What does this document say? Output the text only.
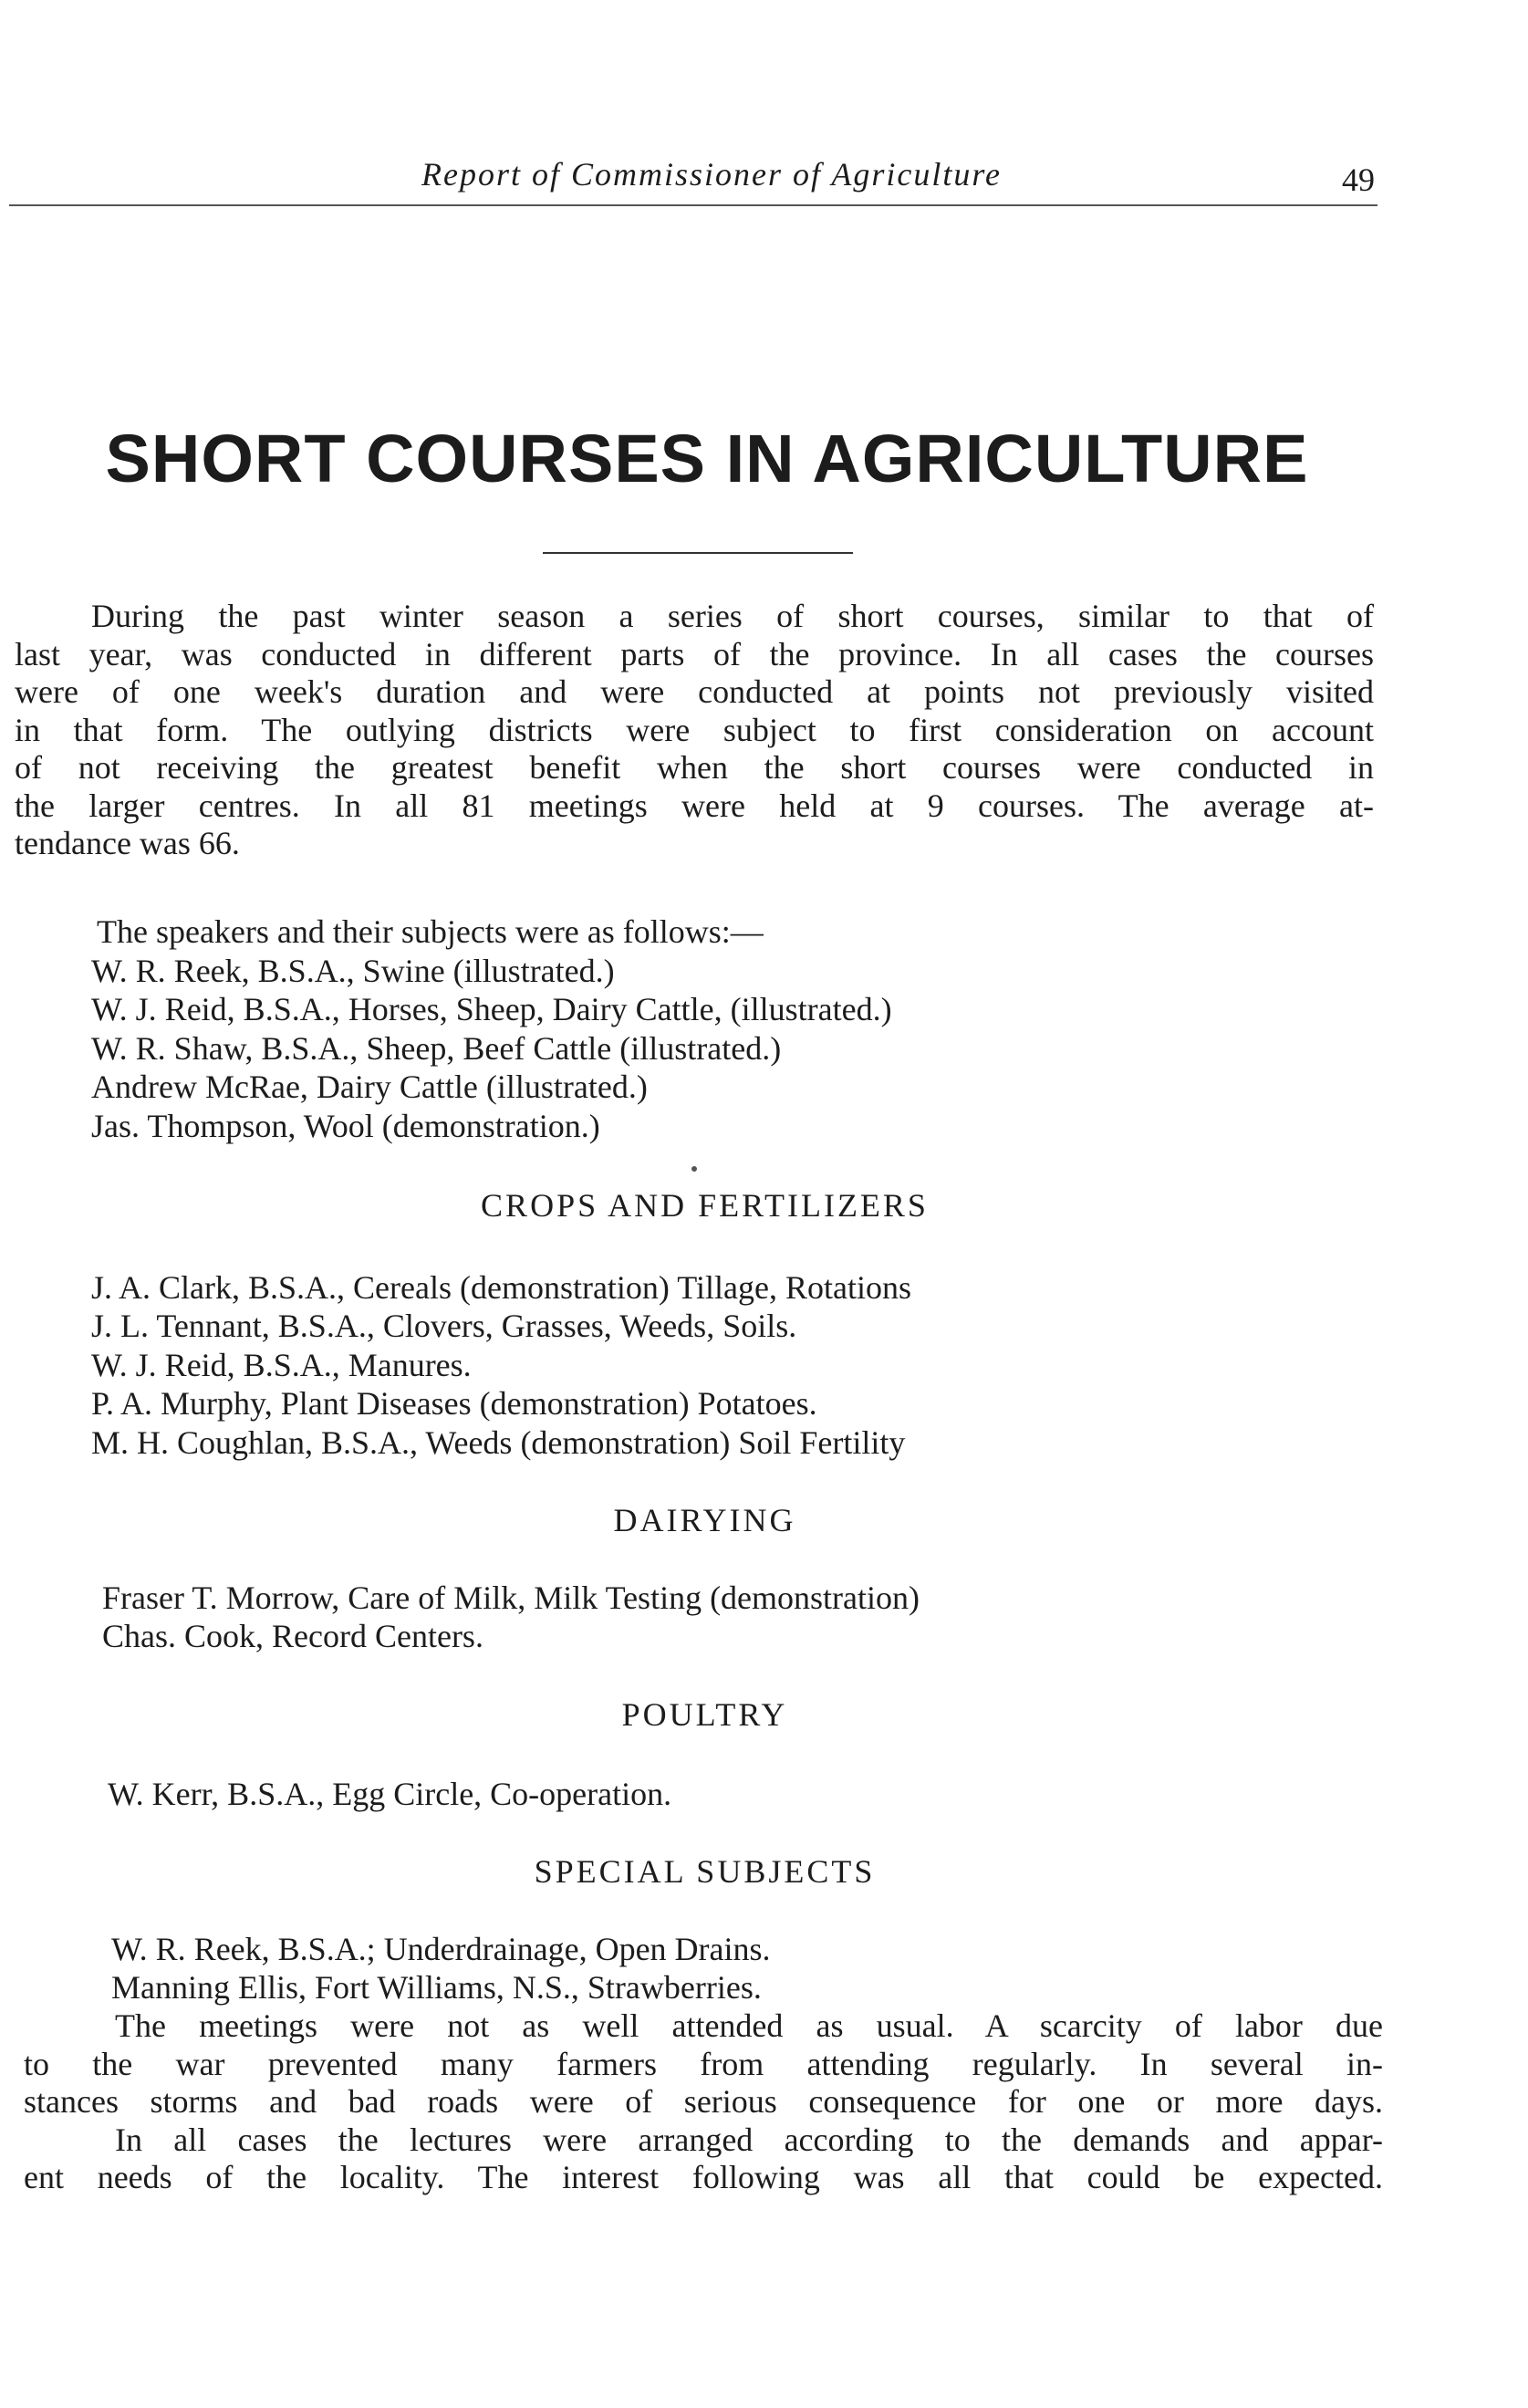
Report of Commissioner of Agriculture	49
SHORT COURSES IN AGRICULTURE
During the past winter season a series of short courses, similar to that of
last year, was conducted in different parts of the province. In all cases the courses
were of one week's duration and were conducted at points not previously visited
in that form. The outlying districts were subject to first consideration on account
of not receiving the greatest benefit when the short courses were conducted in
the larger centres. In all 81 meetings were held at 9 courses. The average at-
tendance was 66.
The speakers and their subjects were as follows:—
W. R. Reek, B.S.A., Swine (illustrated.)
W. J. Reid, B.S.A., Horses, Sheep, Dairy Cattle, (illustrated.)
W. R. Shaw, B.S.A., Sheep, Beef Cattle (illustrated.)
Andrew McRae, Dairy Cattle (illustrated.)
Jas. Thompson, Wool (demonstration.)
CROPS AND FERTILIZERS
J. A. Clark, B.S.A., Cereals (demonstration) Tillage, Rotations
J. L. Tennant, B.S.A., Clovers, Grasses, Weeds, Soils.
W. J. Reid, B.S.A., Manures.
P. A. Murphy, Plant Diseases (demonstration) Potatoes.
M. H. Coughlan, B.S.A., Weeds (demonstration) Soil Fertility
DAIRYING
Fraser T. Morrow, Care of Milk, Milk Testing (demonstration)
Chas. Cook, Record Centers.
POULTRY
W. Kerr, B.S.A., Egg Circle, Co-operation.
SPECIAL SUBJECTS
W. R. Reek, B.S.A.; Underdrainage, Open Drains.
Manning Ellis, Fort Williams, N.S., Strawberries.
The meetings were not as well attended as usual. A scarcity of labor due
to the war prevented many farmers from attending regularly. In several in-
stances storms and bad roads were of serious consequence for one or more days.
In all cases the lectures were arranged according to the demands and appar-
ent needs of the locality. The interest following was all that could be expected.
